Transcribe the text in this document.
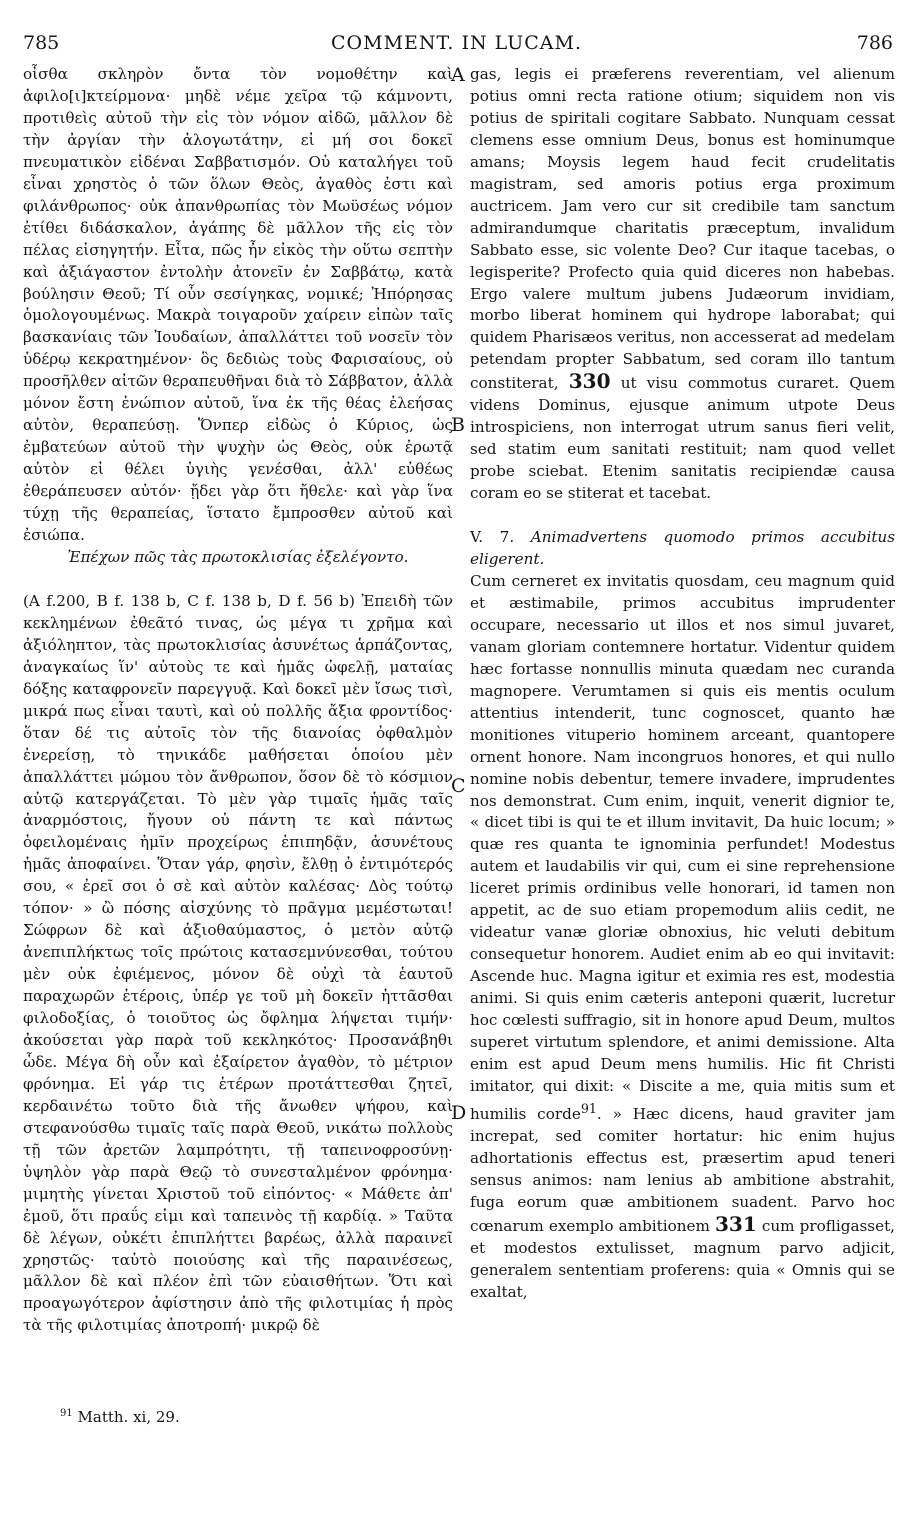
785	COMMENT. IN LUCAM.	786

οἶσθα σκληρὸν ὄντα τὸν νομοθέτην καὶ ἀφιλο[ι]κτείρμονα· μηδὲ νέμε χεῖρα τῷ κάμνοντι, προτιθεὶς αὐτοῦ τὴν εἰς τὸν νόμον αἰδῶ, μᾶλλον δὲ τὴν ἀργίαν τὴν ἀλογωτάτην, εἰ μή σοι δοκεῖ πνευματικὸν εἰδέναι Σαββατισμόν. Οὐ καταλήγει τοῦ εἶναι χρηστὸς ὁ τῶν ὅλων Θεὸς, ἀγαθὸς ἐστι καὶ φιλάνθρωπος· οὐκ ἀπανθρωπίας τὸν Μωϋσέως νόμον ἐτίθει διδάσκαλον, ἀγάπης δὲ μᾶλλον τῆς εἰς τὸν πέλας εἰσηγητήν. Εἶτα, πῶς ἦν εἰκὸς τὴν οὕτω σεπτὴν καὶ ἀξιάγαστον ἐντολὴν ἀτονεῖν ἐν Σαββάτῳ, κατὰ βούλησιν Θεοῦ; Τί οὖν σεσίγηκας, νομικέ; Ἠπόρησας ὁμολογουμένως. Μακρὰ τοιγαροῦν χαίρειν εἰπὼν ταῖς βασκανίαις τῶν Ἰουδαίων, ἀπαλλάττει τοῦ νοσεῖν τὸν ὑδέρῳ κεκρατημένον· ὃς δεδιὼς τοὺς Φαρισαίους, οὐ προσῆλθεν αἰτῶν θεραπευθῆναι διὰ τὸ Σάββατον, ἀλλὰ μόνον ἔστη ἐνώπιον αὐτοῦ, ἵνα ἐκ τῆς θέας ἐλεήσας αὐτὸν, θεραπεύσῃ. Ὅνπερ εἰδὼς ὁ Κύριος, ὡς ἐμβατεύων αὐτοῦ τὴν ψυχὴν ὡς Θεὸς, οὐκ ἐρωτᾷ αὐτὸν εἰ θέλει ὑγιὴς γενέσθαι, ἀλλ' εὐθέως ἐθεράπευσεν αὐτόν· ᾔδει γὰρ ὅτι ἤθελε· καὶ γὰρ ἵνα τύχῃ τῆς θεραπείας, ἵστατο ἔμπροσθεν αὐτοῦ καὶ ἐσιώπα.

Ἐπέχων πῶς τὰς πρωτοκλισίας ἐξελέγοντο.

(A f.200, B f. 138 b, C f. 138 b, D f. 56 b) Ἐπειδὴ τῶν κεκλημένων ἐθεᾶτό τινας, ὡς μέγα τι χρῆμα καὶ ἀξιόληπτον, τὰς πρωτοκλισίας ἀσυνέτως ἁρπάζοντας, ἀναγκαίως ἵν' αὐτοὺς τε καὶ ἡμᾶς ὠφελῇ, ματαίας δόξης καταφρονεῖν παρεγγυᾷ. Καὶ δοκεῖ μὲν ἴσως τισὶ, μικρά πως εἶναι ταυτὶ, καὶ οὐ πολλῆς ἄξια φροντίδος· ὅταν δέ τις αὐτοῖς τὸν τῆς διανοίας ὀφθαλμὸν ἐνερείσῃ, τὸ τηνικάδε μαθήσεται ὁποίου μὲν ἀπαλλάττει μώμου τὸν ἄνθρωπον, ὅσον δὲ τὸ κόσμιον αὐτῷ κατεργάζεται. Τὸ μὲν γὰρ τιμαῖς ἡμᾶς ταῖς ἀναρμόστοις, ἤγουν οὐ πάντη τε καὶ πάντως ὀφειλομέναις ἡμῖν προχείρως ἐπιπηδᾷν, ἀσυνέτους ἡμᾶς ἀποφαίνει. Ὅταν γάρ, φησὶν, ἔλθῃ ὁ ἐντιμότερός σου, « ἐρεῖ σοι ὁ σὲ καὶ αὐτὸν καλέσας· Δὸς τούτῳ τόπον· » ὢ πόσης αἰσχύνης τὸ πρᾶγμα μεμέστωται! Σώφρων δὲ καὶ ἀξιοθαύμαστος, ὁ μετὸν αὐτῷ ἀνεπιπλήκτως τοῖς πρώτοις κατασεμνύνεσθαι, τούτου μὲν οὐκ ἐφιέμενος, μόνον δὲ οὐχὶ τὰ ἑαυτοῦ παραχωρῶν ἑτέροις, ὑπέρ γε τοῦ μὴ δοκεῖν ἡττᾶσθαι φιλοδοξίας, ὁ τοιοῦτος ὡς ὄφλημα λήψεται τιμήν· ἀκούσεται γὰρ παρὰ τοῦ κεκληκότος· Προσανάβηθι ὧδε. Μέγα δὴ οὖν καὶ ἐξαίρετον ἀγαθὸν, τὸ μέτριον φρόνημα. Εἰ γάρ τις ἑτέρων προτάττεσθαι ζητεῖ, κερδαινέτω τοῦτο διὰ τῆς ἄνωθεν ψήφου, καὶ στεφανούσθω τιμαῖς ταῖς παρὰ Θεοῦ, νικάτω πολλοὺς τῇ τῶν ἀρετῶν λαμπρότητι, τῇ ταπεινοφροσύνῃ· ὑψηλὸν γὰρ παρὰ Θεῷ τὸ συνεσταλμένον φρόνημα· μιμητὴς γίνεται Χριστοῦ τοῦ εἰπόντος· « Μάθετε ἀπ' ἐμοῦ, ὅτι πραΰς εἰμι καὶ ταπεινὸς τῇ καρδίᾳ. » Ταῦτα δὲ λέγων, οὐκέτι ἐπιπλήττει βαρέως, ἀλλὰ παραινεῖ χρηστῶς· ταὐτὸ ποιούσης καὶ τῆς παραινέσεως, μᾶλλον δὲ καὶ πλέον ἐπὶ τῶν εὐαισθήτων. Ὅτι καὶ προαγωγότερον ἀφίστησιν ἀπὸ τῆς φιλοτιμίας ἡ πρὸς τὰ τῆς φιλοτιμίας ἀποτροπή· μικρῷ δὲ

A
B
C
D

gas, legis ei præferens reverentiam, vel alienum potius omni recta ratione otium; siquidem non vis potius de spiritali cogitare Sabbato. Nunquam cessat clemens esse omnium Deus, bonus est hominumque amans; Moysis legem haud fecit crudelitatis magistram, sed amoris potius erga proximum auctricem. Jam vero cur sit credibile tam sanctum admirandumque charitatis præceptum, invalidum Sabbato esse, sic volente Deo? Cur itaque tacebas, o legisperite? Profecto quia quid diceres non habebas. Ergo valere multum jubens Judæorum invidiam, morbo liberat hominem qui hydrope laborabat; qui quidem Pharisæos veritus, non accesserat ad medelam petendam propter Sabbatum, sed coram illo tantum constiterat, 330 ut visu commotus curaret. Quem videns Dominus, ejusque animum utpote Deus introspiciens, non interrogat utrum sanus fieri velit, sed statim eum sanitati restituit; nam quod vellet probe sciebat. Etenim sanitatis recipiendæ causa coram eo se stiterat et tacebat.

V. 7. Animadvertens quomodo primos accubitus eligerent.

Cum cerneret ex invitatis quosdam, ceu magnum quid et æstimabile, primos accubitus imprudenter occupare, necessario ut illos et nos simul juvaret, vanam gloriam contemnere hortatur. Videntur quidem hæc fortasse nonnullis minuta quædam nec curanda magnopere. Verumtamen si quis eis mentis oculum attentius intenderit, tunc cognoscet, quanto hæ monitiones vituperio hominem arceant, quantopere ornent honore. Nam incongruos honores, et qui nullo nomine nobis debentur, temere invadere, imprudentes nos demonstrat. Cum enim, inquit, venerit dignior te, « dicet tibi is qui te et illum invitavit, Da huic locum; » quæ res quanta te ignominia perfundet! Modestus autem et laudabilis vir qui, cum ei sine reprehensione liceret primis ordinibus velle honorari, id tamen non appetit, ac de suo etiam propemodum aliis cedit, ne videatur vanæ gloriæ obnoxius, hic veluti debitum consequetur honorem. Audiet enim ab eo qui invitavit: Ascende huc. Magna igitur et eximia res est, modestia animi. Si quis enim cæteris anteponi quærit, lucretur hoc cœlesti suffragio, sit in honore apud Deum, multos superet virtutum splendore, et animi demissione. Alta enim est apud Deum mens humilis. Hic fit Christi imitator, qui dixit: « Discite a me, quia mitis sum et humilis corde$^{91}$. » Hæc dicens, haud graviter jam increpat, sed comiter hortatur: hic enim hujus adhortationis effectus est, præsertim apud teneri sensus animos: nam lenius ab ambitione abstrahit, fuga eorum quæ ambitionem suadent. Parvo hoc cœnarum exemplo ambitionem 331 cum profligasset, et modestos extulisset, magnum parvo adjicit, generalem sententiam proferens: quia « Omnis qui se exaltat,

$^{91}$ Matth. xi, 29.
